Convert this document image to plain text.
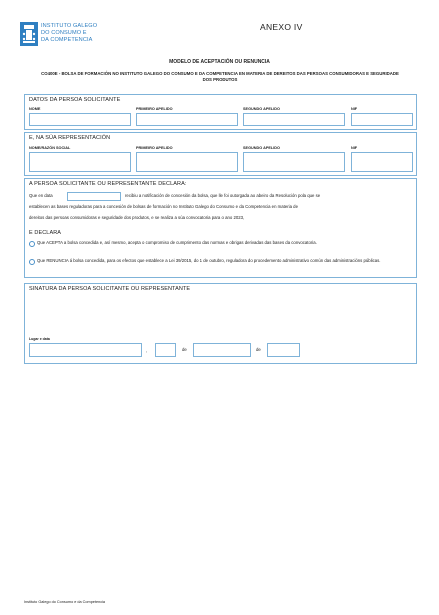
INSTITUTO GALEGO
DO CONSUMO E
DA COMPETENCIA
ANEXO IV
MODELO DE ACEPTACIÓN OU RENUNCIA
CO400E - BOLSA DE FORMACIÓN NO INSTITUTO GALEGO DO CONSUMO E DA COMPETENCIA EN MATERIA DE DEREITOS DAS PERSOAS CONSUMIDORAS E SEGURIDADE DOS PRODUTOS
DATOS DA PERSOA SOLICITANTE
NOME	PRIMEIRO APELIDO	SEGUNDO APELIDO	NIF
E, NA SÚA REPRESENTACIÓN
NOME/RAZÓN SOCIAL	PRIMEIRO APELIDO	SEGUNDO APELIDO	NIF
A PERSOA SOLICITANTE OU REPRESENTANTE DECLARA:
Que en data	recibiu a notificación de concesión da bolsa, que lle foi outorgada ao abeiro da Resolución pola que se
establecen as bases reguladoras para a concesión de bolsas de formación no Instituto Galego do Consumo e da Competencia en materia de
dereitos das persoas consumidoras e seguridade dos produtos, e se realiza a súa convocatoria para o ano 2023,
E DECLARA
Que ACEPTA a bolsa concedida e, así mesmo, acepta o compromiso de cumprimento das normas e obrigas derivadas das bases da convocatoria.
Que RENUNCIA á bolsa concedida, para os efectos que establece a Lei 39/2015, do 1 de outubro, reguladora do procedemento administrativo común das administracións públicas.
SINATURA DA PERSOA SOLICITANTE OU REPRESENTANTE
Lugar e data
,	de	de
Instituto Galego do Consumo e da Competencia
